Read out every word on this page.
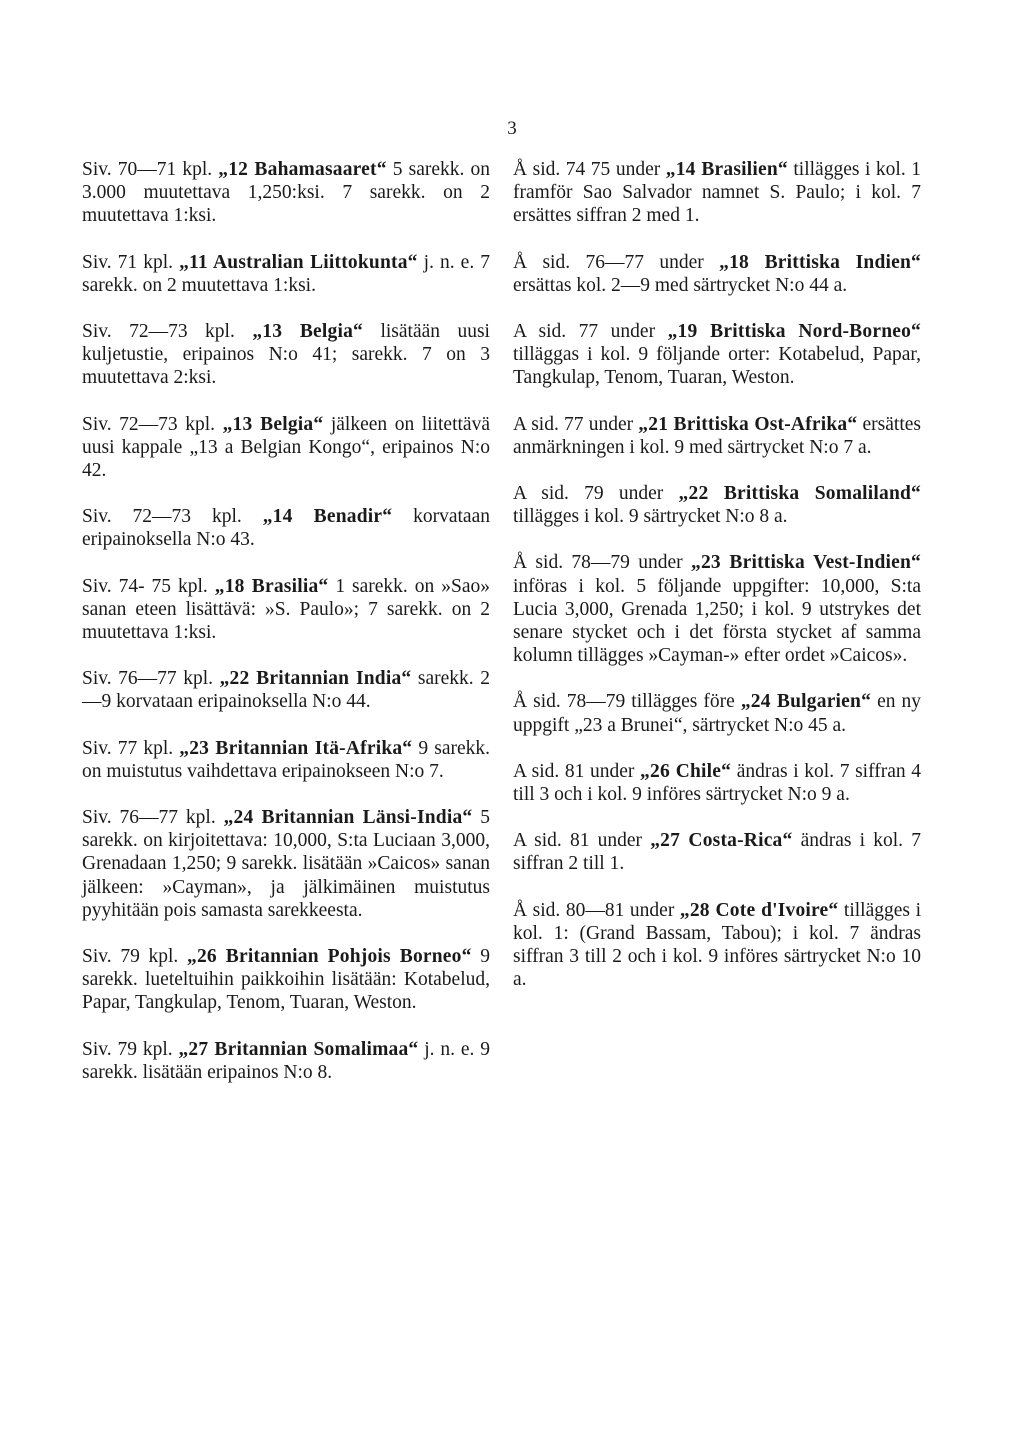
3

Siv. 70—71 kpl. „12 Bahamasaaret“ 5 sarekk. on 3.000 muutettava 1,250:ksi. 7 sarekk. on 2 muutettava 1:ksi.

Siv. 71 kpl. „11 Australian Liittokunta“ j. n. e. 7 sarekk. on 2 muutettava 1:ksi.

Siv. 72—73 kpl. „13 Belgia“ lisätään uusi kuljetustie, eripainos N:o 41; sarekk. 7 on 3 muutettava 2:ksi.

Siv. 72—73 kpl. „13 Belgia“ jälkeen on liitettävä uusi kappale „13 a Belgian Kongo“, eripainos N:o 42.

Siv. 72—73 kpl. „14 Benadir“ korvataan eripainoksella N:o 43.

Siv. 74- 75 kpl. „18 Brasilia“ 1 sarekk. on »Sao» sanan eteen lisättävä: »S. Paulo»; 7 sarekk. on 2 muutettava 1:ksi.

Siv. 76—77 kpl. „22 Britannian India“ sarekk. 2—9 korvataan eripainoksella N:o 44.

Siv. 77 kpl. „23 Britannian Itä-Afrika“ 9 sarekk. on muistutus vaihdettava eripainokseen N:o 7.

Siv. 76—77 kpl. „24 Britannian Länsi-India“ 5 sarekk. on kirjoitettava: 10,000, S:ta Luciaan 3,000, Grenadaan 1,250; 9 sarekk. lisätään »Caicos» sanan jälkeen: »Cayman», ja jälkimäinen muistutus pyyhitään pois samasta sarekkeesta.

Siv. 79 kpl. „26 Britannian Pohjois Borneo“ 9 sarekk. lueteltuihin paikkoihin lisätään: Kotabelud, Papar, Tangkulap, Tenom, Tuaran, Weston.

Siv. 79 kpl. „27 Britannian Somalimaa“ j. n. e. 9 sarekk. lisätään eripainos N:o 8.

Å sid. 74 75 under „14 Brasilien“ tillägges i kol. 1 framför Sao Salvador namnet S. Paulo; i kol. 7 ersättes siffran 2 med 1.

Å sid. 76—77 under „18 Brittiska Indien“ ersättas kol. 2—9 med särtrycket N:o 44 a.

A sid. 77 under „19 Brittiska Nord-Borneo“ tilläggas i kol. 9 följande orter: Kotabelud, Papar, Tangkulap, Tenom, Tuaran, Weston.

A sid. 77 under „21 Brittiska Ost-Afrika“ ersättes anmärkningen i kol. 9 med särtrycket N:o 7 a.

A sid. 79 under „22 Brittiska Somaliland“ tillägges i kol. 9 särtrycket N:o 8 a.

Å sid. 78—79 under „23 Brittiska Vest-Indien“ införas i kol. 5 följande uppgifter: 10,000, S:ta Lucia 3,000, Grenada 1,250; i kol. 9 utstrykes det senare stycket och i det första stycket af samma kolumn tillägges »Cayman-» efter ordet »Caicos».

Å sid. 78—79 tillägges före „24 Bulgarien“ en ny uppgift „23 a Brunei“, särtrycket N:o 45 a.

A sid. 81 under „26 Chile“ ändras i kol. 7 siffran 4 till 3 och i kol. 9 införes särtrycket N:o 9 a.

A sid. 81 under „27 Costa-Rica“ ändras i kol. 7 siffran 2 till 1.

Å sid. 80—81 under „28 Cote d'Ivoire“ tillägges i kol. 1: (Grand Bassam, Tabou); i kol. 7 ändras siffran 3 till 2 och i kol. 9 införes särtrycket N:o 10 a.
